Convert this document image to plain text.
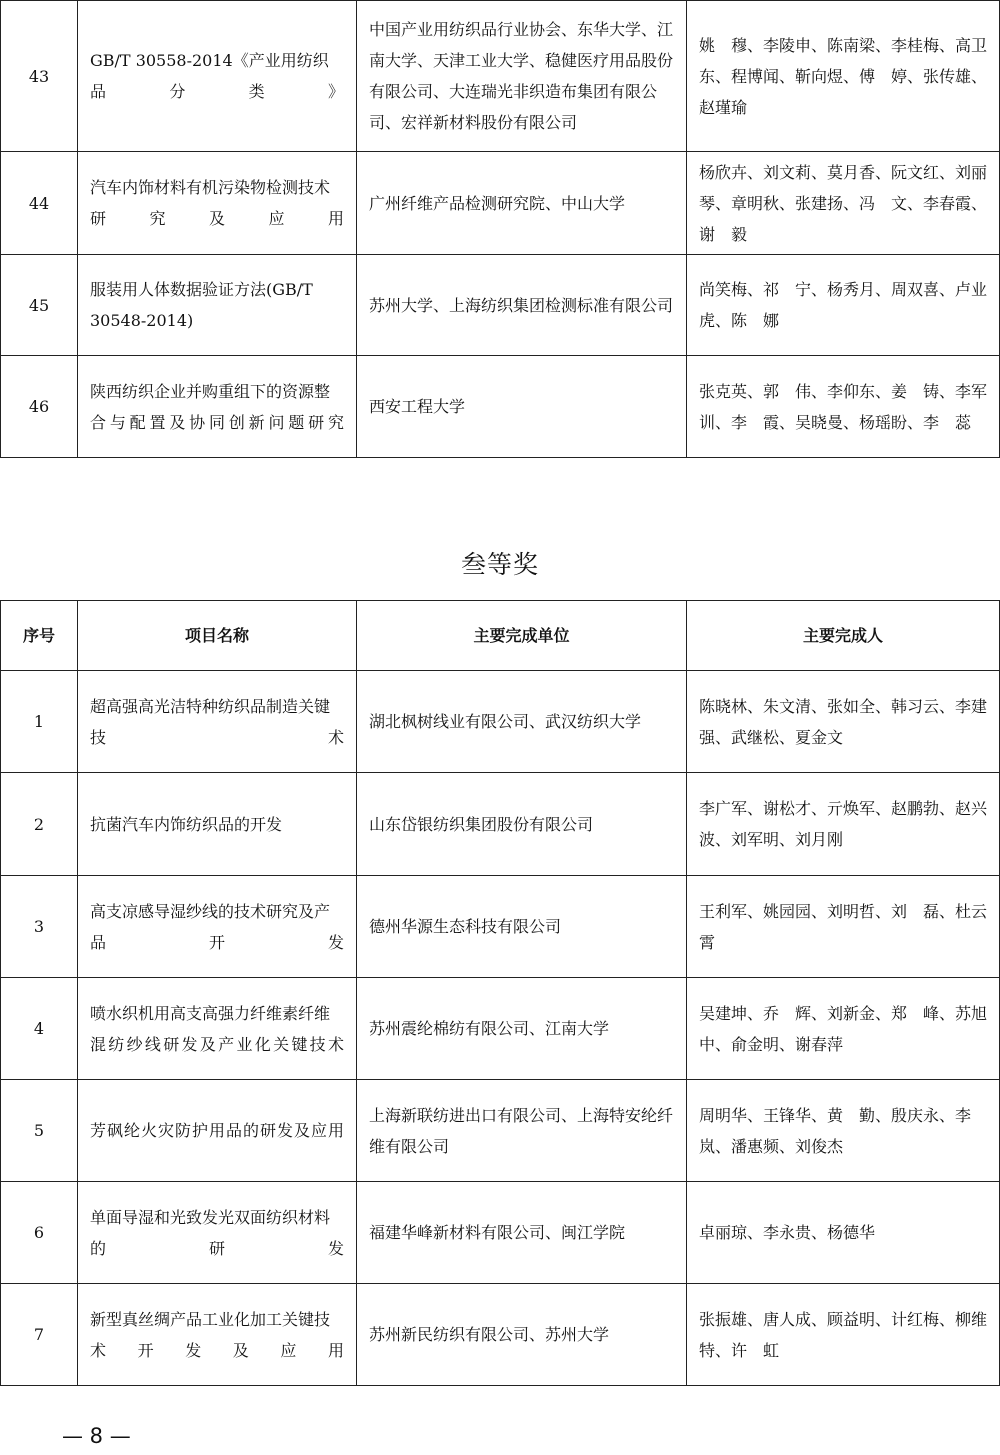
43	GB/T 30558-2014《产业用纺织品分类》	中国产业用纺织品行业协会、东华大学、江南大学、天津工业大学、稳健医疗用品股份有限公司、大连瑞光非织造布集团有限公司、宏祥新材料股份有限公司	姚　穆、李陵申、陈南梁、李桂梅、高卫东、程博闻、靳向煜、傅　婷、张传雄、赵瑾瑜
44	汽车内饰材料有机污染物检测技术研究及应用	广州纤维产品检测研究院、中山大学	杨欣卉、刘文莉、莫月香、阮文红、刘丽琴、章明秋、张建扬、冯　文、李春霞、谢　毅
45	服装用人体数据验证方法(GB/T 30548-2014)	苏州大学、上海纺织集团检测标准有限公司	尚笑梅、祁　宁、杨秀月、周双喜、卢业虎、陈　娜
46	陕西纺织企业并购重组下的资源整合与配置及协同创新问题研究	西安工程大学	张克英、郭　伟、李仰东、姜　铸、李军训、李　霞、吴晓曼、杨瑶盼、李　蕊
叁等奖
序号	项目名称	主要完成单位	主要完成人
1	超高强高光洁特种纺织品制造关键技术	湖北枫树线业有限公司、武汉纺织大学	陈晓林、朱文清、张如全、韩习云、李建强、武继松、夏金文
2	抗菌汽车内饰纺织品的开发	山东岱银纺织集团股份有限公司	李广军、谢松才、亓焕军、赵鹏勃、赵兴波、刘军明、刘月刚
3	高支凉感导湿纱线的技术研究及产品开发	德州华源生态科技有限公司	王利军、姚园园、刘明哲、刘　磊、杜云霄
4	喷水织机用高支高强力纤维素纤维混纺纱线研发及产业化关键技术	苏州震纶棉纺有限公司、江南大学	吴建坤、乔　辉、刘新金、郑　峰、苏旭中、俞金明、谢春萍
5	芳砜纶火灾防护用品的研发及应用	上海新联纺进出口有限公司、上海特安纶纤维有限公司	周明华、王锋华、黄　勤、殷庆永、李　岚、潘惠频、刘俊杰
6	单面导湿和光致发光双面纺织材料的研发	福建华峰新材料有限公司、闽江学院	卓丽琼、李永贵、杨德华
7	新型真丝绸产品工业化加工关键技术开发及应用	苏州新民纺织有限公司、苏州大学	张振雄、唐人成、顾益明、计红梅、柳维特、许　虹
— 8 —
